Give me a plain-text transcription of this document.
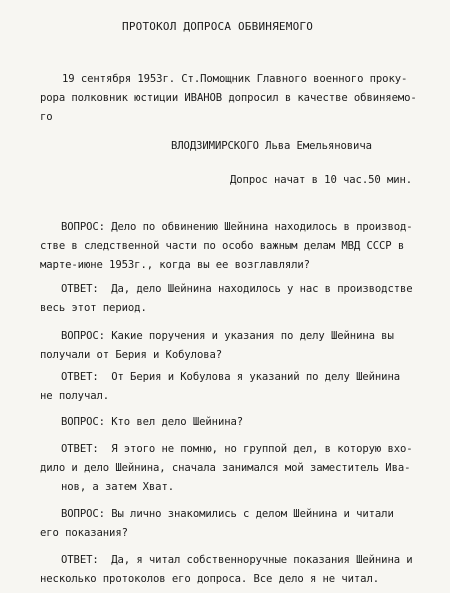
ПРОТОКОЛ ДОПРОСА ОБВИНЯЕМОГО
19 сентября 1953г. Ст.Помощник Главного военного проку-
рора полковник юстиции ИВАНОВ допросил в качестве обвиняемо-
го
ВЛОДЗИМИРСКОГО Льва Емельяновича
Допрос начат в 10 час.50 мин.
ВОПРОС: Дело по обвинению Шейнина находилось в производ-
стве в следственной части по особо важным делам МВД СССР в
марте-июне 1953г., когда вы ее возглавляли?
ОТВЕТ:  Да, дело Шейнина находилось у нас в производстве
весь этот период.
ВОПРОС: Какие поручения и указания по делу Шейнина вы
получали от Берия и Кобулова?
ОТВЕТ:  От Берия и Кобулова я указаний по делу Шейнина
не получал.
ВОПРОС: Кто вел дело Шейнина?
ОТВЕТ:  Я этого не помню, но группой дел, в которую вхо-
дило и дело Шейнина, сначала занимался мой заместитель Ива-
нов, а затем Хват.
ВОПРОС: Вы лично знакомились с делом Шейнина и читали
его показания?
ОТВЕТ:  Да, я читал собственноручные показания Шейнина и
несколько протоколов его допроса. Все дело я не читал.
